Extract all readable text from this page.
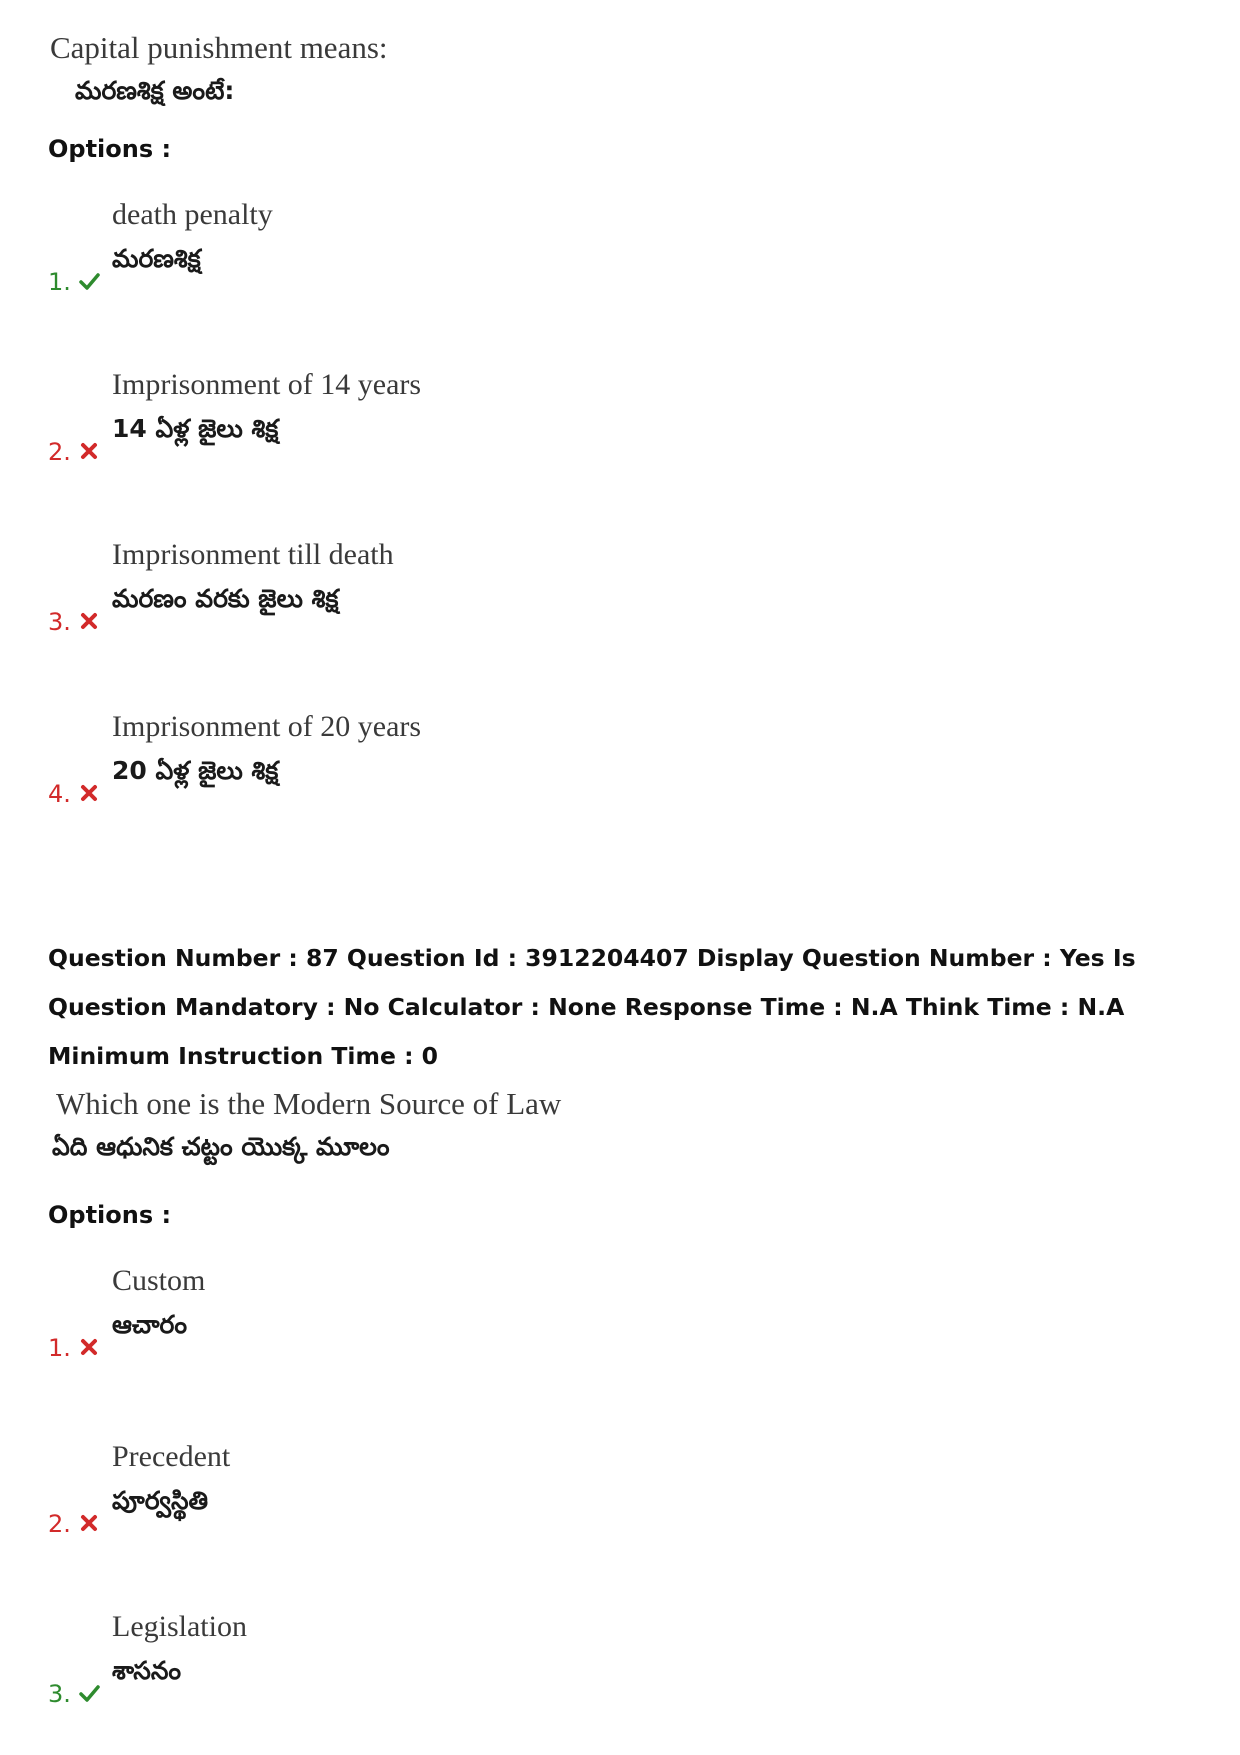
Capital punishment means:
మరణశిక్ష అంటే:
Options :
1.
death penalty
మరణశిక్ష
2.
Imprisonment of 14 years
14 ఏళ్ల జైలు శిక్ష
3.
Imprisonment till death
మరణం వరకు జైలు శిక్ష
4.
Imprisonment of 20 years
20 ఏళ్ల జైలు శిక్ష
Question Number : 87 Question Id : 3912204407 Display Question Number : Yes Is Question Mandatory : No Calculator : None Response Time : N.A Think Time : N.A Minimum Instruction Time : 0
Which one is the Modern Source of Law
ఏది ఆధునిక చట్టం యొక్క మూలం
Options :
1.
Custom
ఆచారం
2.
Precedent
పూర్వస్థితి
3.
Legislation
శాసనం
